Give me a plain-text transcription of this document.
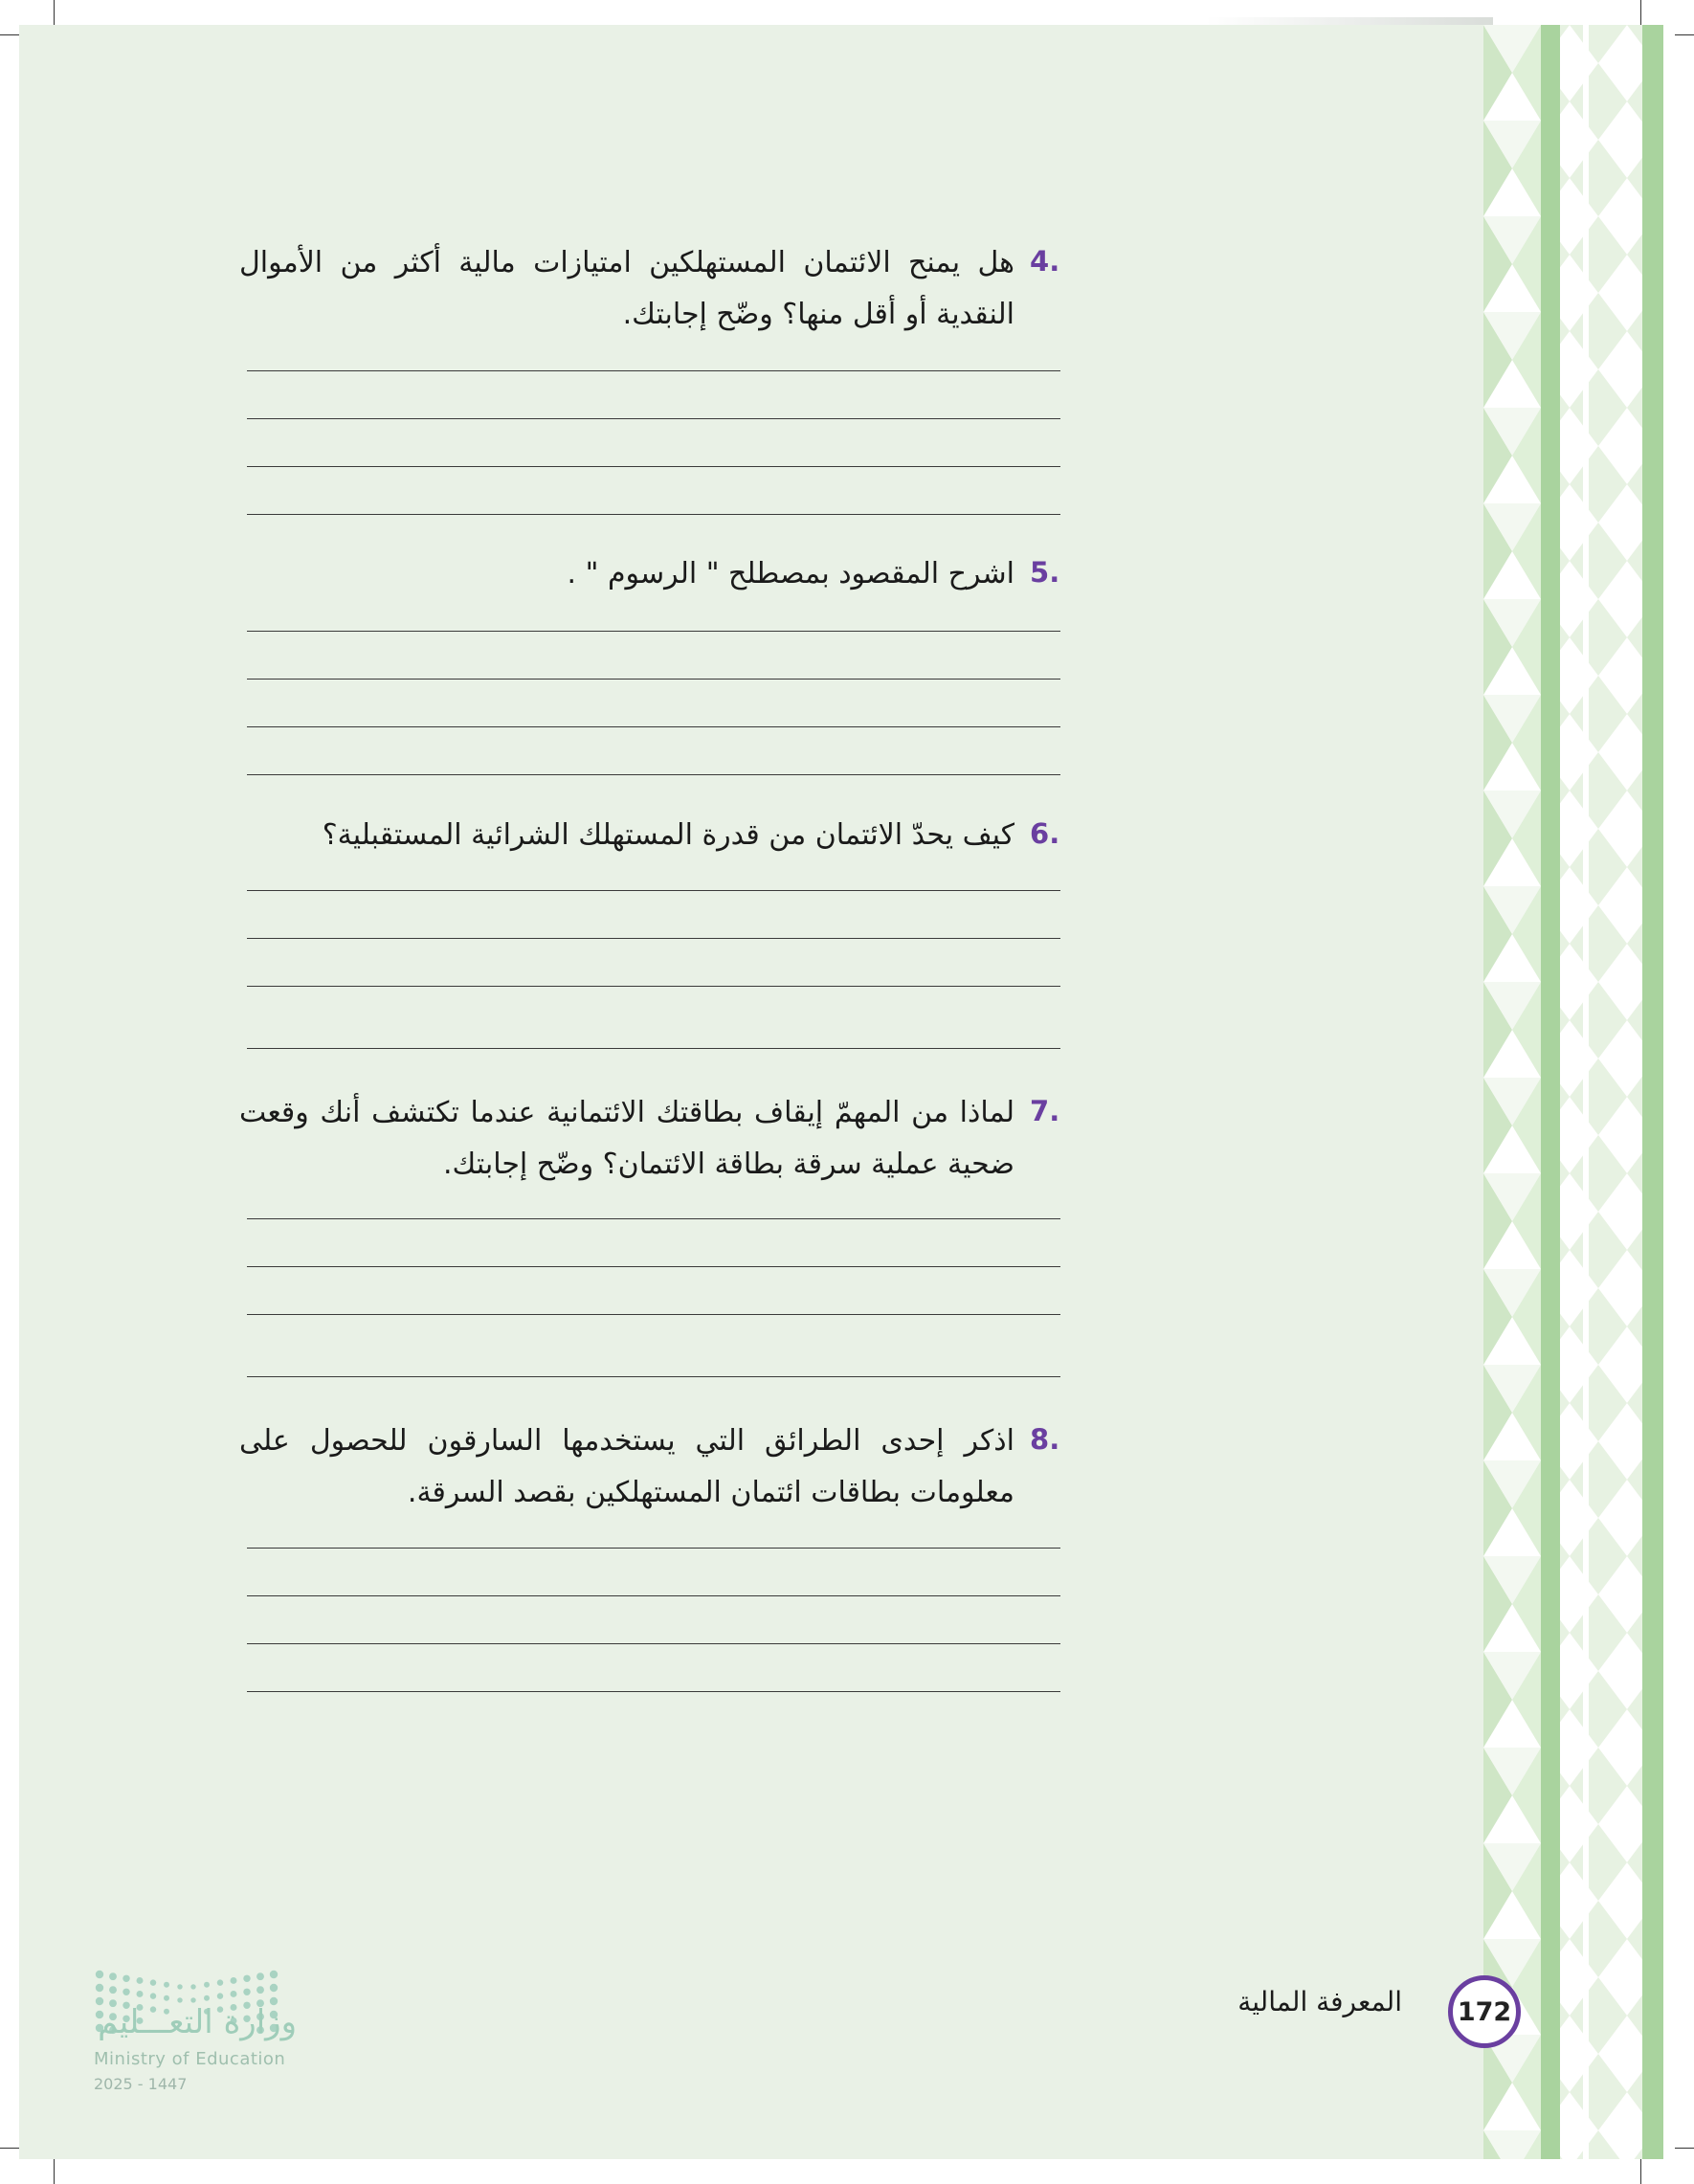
.4
هل يمنح الائتمان المستهلكين امتيازات مالية أكثر من الأموال النقدية أو أقل منها؟ وضّح إجابتك.
.5
اشرح المقصود بمصطلح " الرسوم " .
.6
كيف يحدّ الائتمان من قدرة المستهلك الشرائية المستقبلية؟
.7
لماذا من المهمّ إيقاف بطاقتك الائتمانية عندما تكتشف أنك وقعت ضحية عملية سرقة بطاقة الائتمان؟ وضّح إجابتك.
.8
اذكر إحدى الطرائق التي يستخدمها السارقون للحصول على معلومات بطاقات ائتمان المستهلكين بقصد السرقة.
المعرفة المالية 172
وزارة التعـــليم
Ministry of Education
2025 - 1447
